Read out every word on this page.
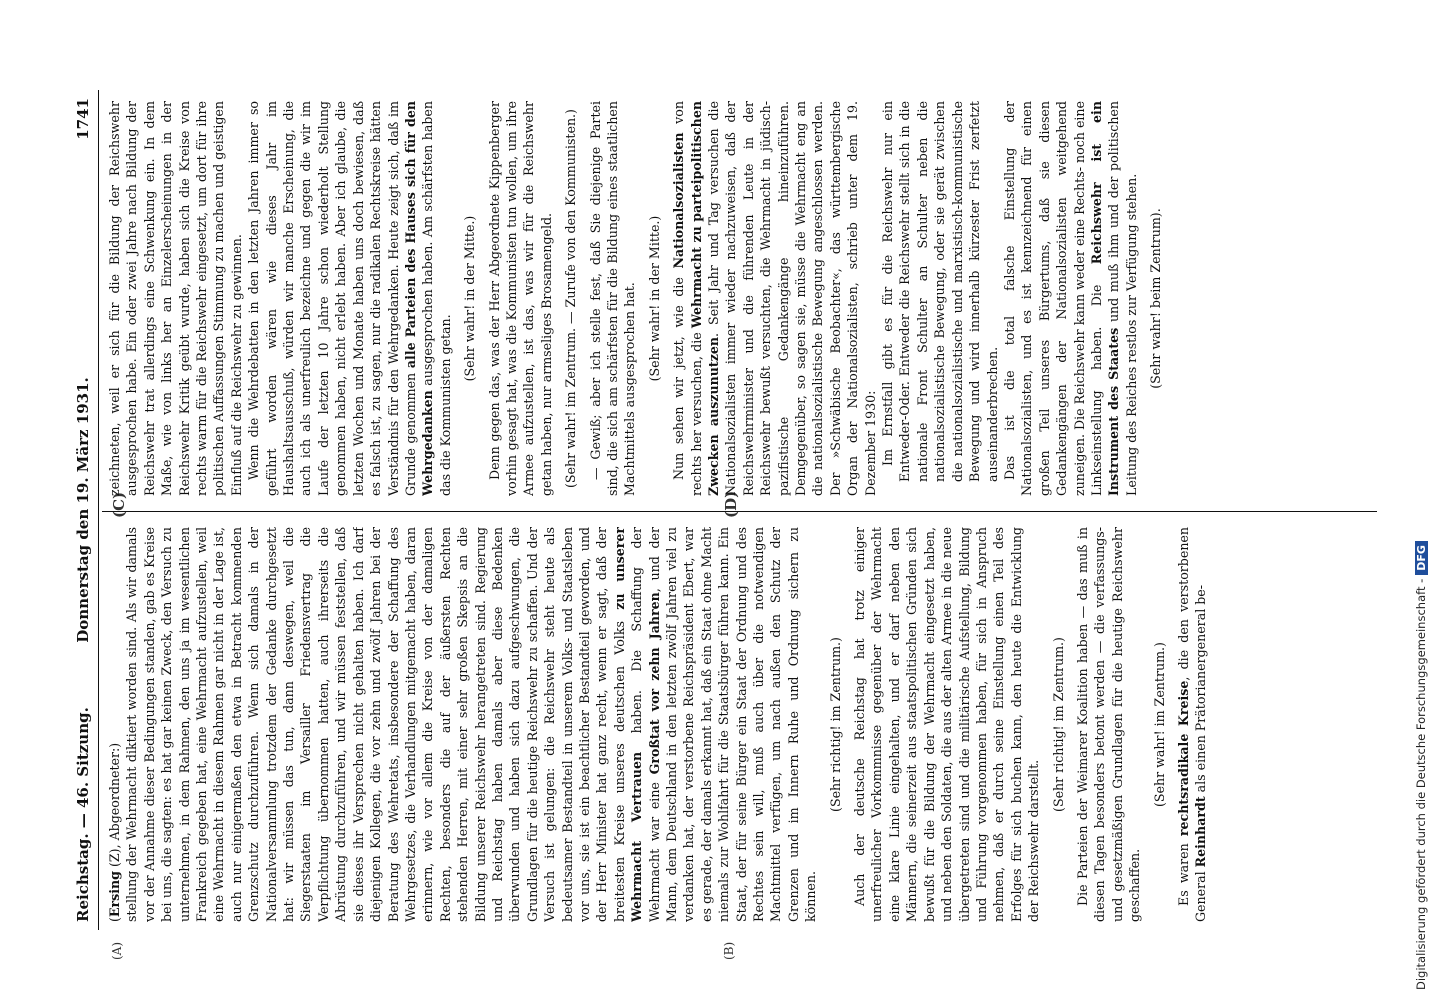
Reichstag. — 46. Sitzung.
Donnerstag den 19. März 1931.
1741
(A)	(B)
(C)	(D)

(Ersing (Z), Abgeordneter:) stellung der Wehrmacht diktiert worden sind. Als wir damals vor der Annahme dieser Bedingungen standen, gab es Kreise bei uns, die sagten: es hat gar keinen Zweck, den Versuch zu unternehmen, in dem Rahmen, den uns ja im wesentlichen Frankreich gegeben hat, eine Wehrmacht aufzustellen, weil eine Wehrmacht in diesem Rahmen gar nicht in der Lage ist, auch nur einigermaßen den etwa in Betracht kommenden Grenzschutz durchzuführen. Wenn sich damals in der Nationalversammlung trotzdem der Gedanke durchgesetzt hat: wir müssen das tun, dann deswegen, weil die Siegerstaaten im Versailler Friedensvertrag die Verpflichtung übernommen hatten, auch ihrerseits die Abrüstung durchzuführen, und wir müssen feststellen, daß sie dieses ihr Versprechen nicht gehalten haben. Ich darf diejenigen Kollegen, die vor zehn und zwölf Jahren bei der Beratung des Wehretats, insbesondere der Schaffung des Wehrgesetzes, die Verhandlungen mitgemacht haben, daran erinnern, wie vor allem die Kreise von der damaligen Rechten, besonders die auf der äußersten Rechten stehenden Herren, mit einer sehr großen Skepsis an die Bildung unserer Reichswehr herangetreten sind. Regierung und Reichstag haben damals aber diese Bedenken überwunden und haben sich dazu aufgeschwungen, die Grundlagen für die heutige Reichswehr zu schaffen. Und der Versuch ist gelungen: die Reichswehr steht heute als bedeutsamer Bestandteil in unserem Volks- und Staatsleben vor uns, sie ist ein beachtlicher Bestandteil geworden, und der Herr Minister hat ganz recht, wenn er sagt, daß der breitesten Kreise unseres deutschen Volks zu unserer Wehrmacht Vertrauen haben. Die Schaffung der Wehrmacht war eine Großtat vor zehn Jahren, und der Mann, dem Deutschland in den letzten zwölf Jahren viel zu verdanken hat, der verstorbene Reichspräsident Ebert, war es gerade, der damals erkannt hat, daß ein Staat ohne Macht niemals zur Wohlfahrt für die Staatsbürger führen kann. Ein Staat, der für seine Bürger ein Staat der Ordnung und des Rechtes sein will, muß auch über die notwendigen Machtmittel verfügen, um nach außen den Schutz der Grenzen und im Innern Ruhe und Ordnung sichern zu können.

(Sehr richtig! im Zentrum.) Auch der deutsche Reichstag hat trotz einiger unerfreulicher Vorkommnisse gegenüber der Wehrmacht eine klare Linie eingehalten, und er darf neben den Männern, die seinerzeit aus staatspolitischen Gründen sich bewußt für die Bildung der Wehrmacht eingesetzt haben, und neben den Soldaten, die aus der alten Armee in die neue übergetreten sind und die militärische Aufstellung, Bildung und Führung vorgenommen haben, für sich in Anspruch nehmen, daß er durch seine Einstellung einen Teil des Erfolges für sich buchen kann, den heute die Entwicklung der Reichswehr darstellt.

(Sehr richtig! im Zentrum.) Die Parteien der Weimarer Koalition haben — das muß in diesen Tagen besonders betont werden — die verfassungs- und gesetzmäßigen Grundlagen für die heutige Reichswehr geschaffen.

(Sehr wahr! im Zentrum.)

Es waren rechtsradikale Kreise, die den verstorbenen General Reinhardt als einen Prätorianergeneral be-

zeichneten, weil er sich für die Bildung der Reichswehr ausgesprochen habe. Ein oder zwei Jahre nach Bildung der Reichswehr trat allerdings eine Schwenkung ein. In dem Maße, wie von links her an Einzelerscheinungen in der Reichswehr Kritik geübt wurde, haben sich die Kreise von rechts warm für die Reichswehr eingesetzt, um dort für ihre politischen Auffassungen Stimmung zu machen und geistigen Einfluß auf die Reichswehr zu gewinnen. Wenn die Wehrdebatten in den letzten Jahren immer so geführt worden wären wie dieses Jahr im Haushaltsausschuß, würden wir manche Erscheinung, die auch ich als unerfreulich bezeichne und gegen die wir im Laufe der letzten 10 Jahre schon wiederholt Stellung genommen haben, nicht erlebt haben. Aber ich glaube, die letzten Wochen und Monate haben uns doch bewiesen, daß es falsch ist, zu sagen, nur die radikalen Rechtskreise hätten Verständnis für den Wehrgedanken. Heute zeigt sich, daß im Grunde genommen alle Parteien des Hauses sich für den Wehrgedanken ausgesprochen haben. Am schärfsten haben das die Kommunisten getan.

(Sehr wahr! in der Mitte.) Denn gegen das, was der Herr Abgeordnete Kippenberger vorhin gesagt hat, was die Kommunisten tun wollen, um ihre Armee aufzustellen, ist das, was wir für die Reichswehr getan haben, nur armseliges Brosamengeld. (Sehr wahr! im Zentrum. — Zurufe von den Kommunisten.) — Gewiß; aber ich stelle fest, daß Sie diejenige Partei sind, die sich am schärfsten für die Bildung eines staatlichen Machtmittels ausgesprochen hat. (Sehr wahr! in der Mitte.) Nun sehen wir jetzt, wie die Nationalsozialisten von rechts her versuchen, die Wehrmacht zu parteipolitischen Zwecken auszunutzen. Seit Jahr und Tag versuchen die Nationalsozialisten immer wieder nachzuweisen, daß der Reichswehrminister und die führenden Leute in der Reichswehr bewußt versuchten, die Wehrmacht in jüdisch-pazifistische Gedankengänge hineinzuführen. Demgegenüber, so sagen sie, müsse die Wehrmacht eng an die nationalsozialistische Bewegung angeschlossen werden. Der »Schwäbische Beobachter«, das württembergische Organ der Nationalsozialisten, schrieb unter dem 19. Dezember 1930: Im Ernstfall gibt es für die Reichswehr nur ein Entweder-Oder. Entweder die Reichswehr stellt sich in die nationale Front Schulter an Schulter neben die nationalsozialistische Bewegung, oder sie gerät zwischen die nationalsozialistische und marxistisch-kommunistische Bewegung und wird innerhalb kürzester Frist zerfetzt auseinanderbrechen. Das ist die total falsche Einstellung der Nationalsozialisten, und es ist kennzeichnend für einen großen Teil unseres Bürgertums, daß sie diesen Gedankengängen der Nationalsozialisten weitgehend zuneigen. Die Reichswehr kann weder eine Rechts- noch eine Linkseinstellung haben. Die Reichswehr ist ein Instrument des Staates und muß ihm und der politischen Leitung des Reiches restlos zur Verfügung stehen. (Sehr wahr! beim Zentrum).

Digitalisierung gefördert durch die Deutsche Forschungsgemeinschaft -DFG
